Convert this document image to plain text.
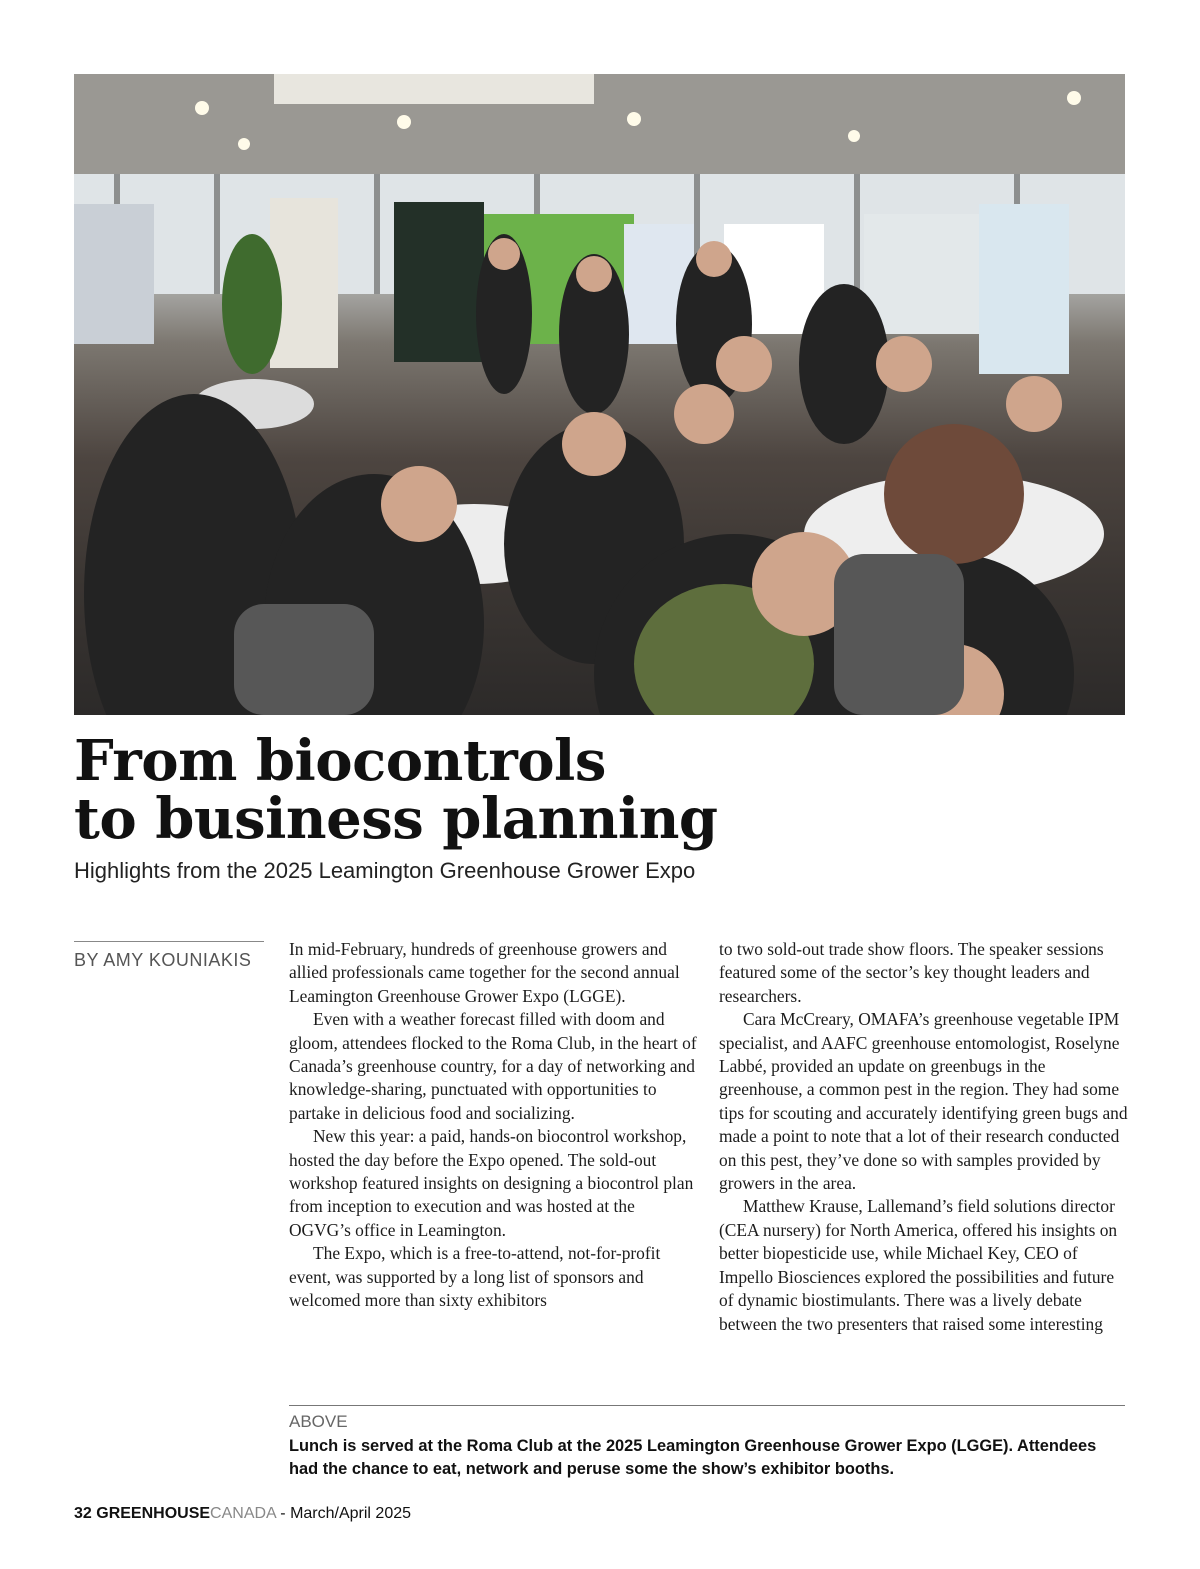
From biocontrols
to business planning

Highlights from the 2025 Leamington Greenhouse Grower Expo

BY AMY KOUNIAKIS

In mid-February, hundreds of greenhouse growers and allied professionals came together for the second annual Leamington Greenhouse Grower Expo (LGGE).

Even with a weather forecast filled with doom and gloom, attendees flocked to the Roma Club, in the heart of Canada’s greenhouse country, for a day of networking and knowledge-sharing, punctuated with opportunities to partake in delicious food and socializing.

New this year: a paid, hands-on biocontrol workshop, hosted the day before the Expo opened. The sold-out workshop featured insights on designing a biocontrol plan from inception to execution and was hosted at the OGVG’s office in Leamington.

The Expo, which is a free-to-attend, not-for-profit event, was supported by a long list of sponsors and welcomed more than sixty exhibitors

to two sold-out trade show floors. The speaker sessions featured some of the sector’s key thought leaders and researchers.

Cara McCreary, OMAFA’s greenhouse vegetable IPM specialist, and AAFC greenhouse entomologist, Roselyne Labbé, provided an update on greenbugs in the greenhouse, a common pest in the region. They had some tips for scouting and accurately identifying green bugs and made a point to note that a lot of their research conducted on this pest, they’ve done so with samples provided by growers in the area.

Matthew Krause, Lallemand’s field solutions director (CEA nursery) for North America, offered his insights on better biopesticide use, while Michael Key, CEO of Impello Biosciences explored the possibilities and future of dynamic biostimulants. There was a lively debate between the two presenters that raised some interesting

ABOVE

Lunch is served at the Roma Club at the 2025 Leamington Greenhouse Grower Expo (LGGE). Attendees had the chance to eat, network and peruse some the show’s exhibitor booths.

32 GREENHOUSECANADA - March/April 2025
